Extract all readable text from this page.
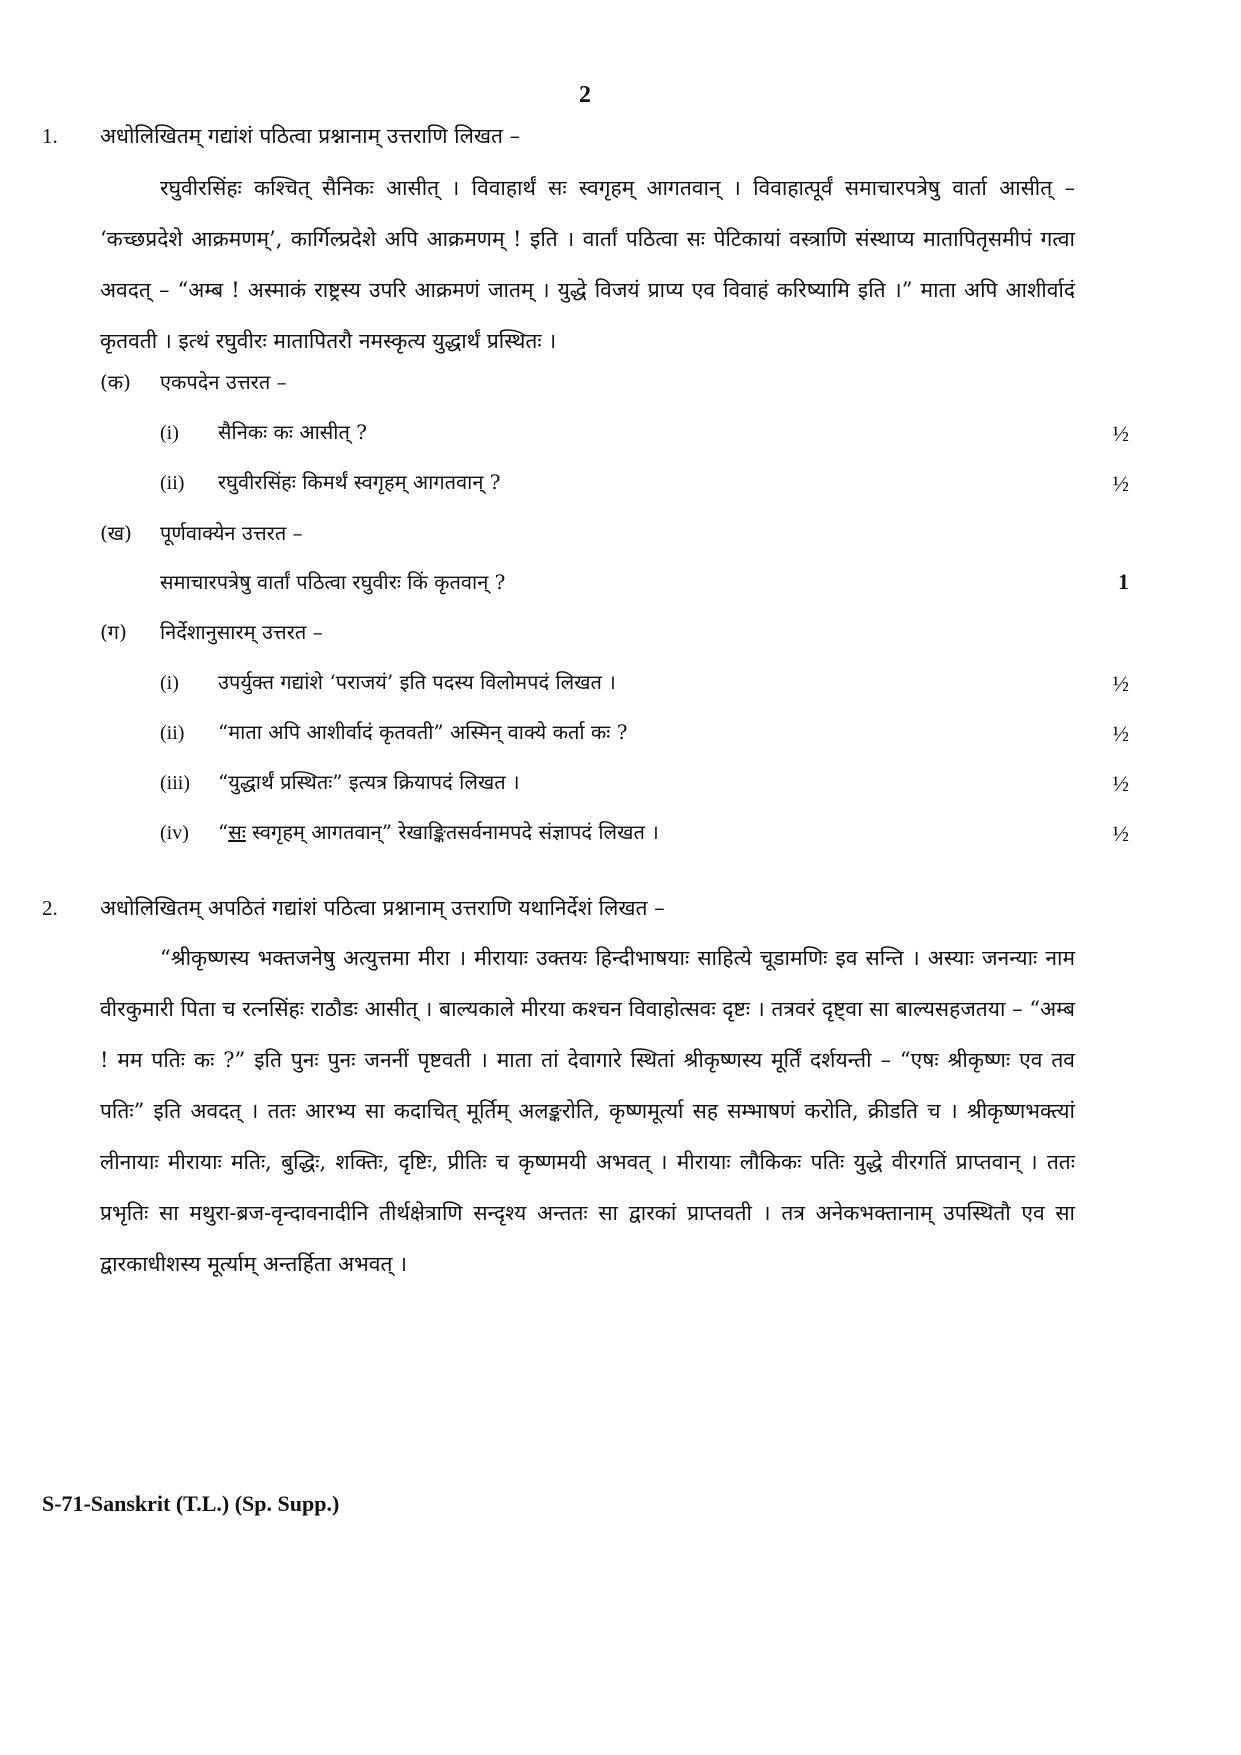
2
1. अधोलिखितम् गद्यांशं पठित्वा प्रश्नानाम् उत्तराणि लिखत –

रघुवीरसिंहः कश्चित् सैनिकः आसीत् । विवाहार्थं सः स्वगृहम् आगतवान् । विवाहात्पूर्वं समाचारपत्रेषु वार्ता आसीत् – ‘कच्छप्रदेशे आक्रमणम्’, कार्गिल्प्रदेशे अपि आक्रमणम् ! इति । वार्तां पठित्वा सः पेटिकायां वस्त्राणि संस्थाप्य मातापितृसमीपं गत्वा अवदत् – “अम्ब ! अस्माकं राष्ट्रस्य उपरि आक्रमणं जातम् । युद्धे विजयं प्राप्य एव विवाहं करिष्यामि इति ।” माता अपि आशीर्वादं कृतवती । इत्थं रघुवीरः मातापितरौ नमस्कृत्य युद्धार्थं प्रस्थितः ।

(क) एकपदेन उत्तरत –
(i) सैनिकः कः आसीत् ?	½
(ii) रघुवीरसिंहः किमर्थं स्वगृहम् आगतवान् ?	½
(ख) पूर्णवाक्येन उत्तरत –
समाचारपत्रेषु वार्तां पठित्वा रघुवीरः किं कृतवान् ?	1
(ग) निर्देशानुसारम् उत्तरत –
(i) उपर्युक्त गद्यांशे ‘पराजयं’ इति पदस्य विलोमपदं लिखत ।	½
(ii) “माता अपि आशीर्वादं कृतवती” अस्मिन् वाक्ये कर्ता कः ?	½
(iii) “युद्धार्थं प्रस्थितः” इत्यत्र क्रियापदं लिखत ।	½
(iv) “सः स्वगृहम् आगतवान्” रेखाङ्कितसर्वनामपदे संज्ञापदं लिखत ।	½
2. अधोलिखितम् अपठितं गद्यांशं पठित्वा प्रश्नानाम् उत्तराणि यथानिर्देशं लिखत –

“श्रीकृष्णस्य भक्तजनेषु अत्युत्तमा मीरा । मीरायाः उक्तयः हिन्दीभाषयाः साहित्ये चूडामणिः इव सन्ति । अस्याः जनन्याः नाम वीरकुमारी पिता च रत्नसिंहः राठौडः आसीत् । बाल्यकाले मीरया कश्चन विवाहोत्सवः दृष्टः । तत्रवरं दृष्ट्वा सा बाल्यसहजतया – “अम्ब ! मम पतिः कः ?” इति पुनः पुनः जननीं पृष्टवती । माता तां देवागारे स्थितां श्रीकृष्णस्य मूर्तिं दर्शयन्ती – “एषः श्रीकृष्णः एव तव पतिः” इति अवदत् । ततः आरभ्य सा कदाचित् मूर्तिम् अलङ्करोति, कृष्णमूर्त्या सह सम्भाषणं करोति, क्रीडति च । श्रीकृष्णभक्त्यां लीनायाः मीरायाः मतिः, बुद्धिः, शक्तिः, दृष्टिः, प्रीतिः च कृष्णमयी अभवत् । मीरायाः लौकिकः पतिः युद्धे वीरगतिं प्राप्तवान् । ततः प्रभृतिः सा मथुरा-ब्रज-वृन्दावनादीनि तीर्थक्षेत्राणि सन्दृश्य अन्ततः सा द्वारकां प्राप्तवती । तत्र अनेकभक्तानाम् उपस्थितौ एव सा द्वारकाधीशस्य मूर्त्याम् अन्तर्हिता अभवत् ।

S-71-Sanskrit (T.L.) (Sp. Supp.)
